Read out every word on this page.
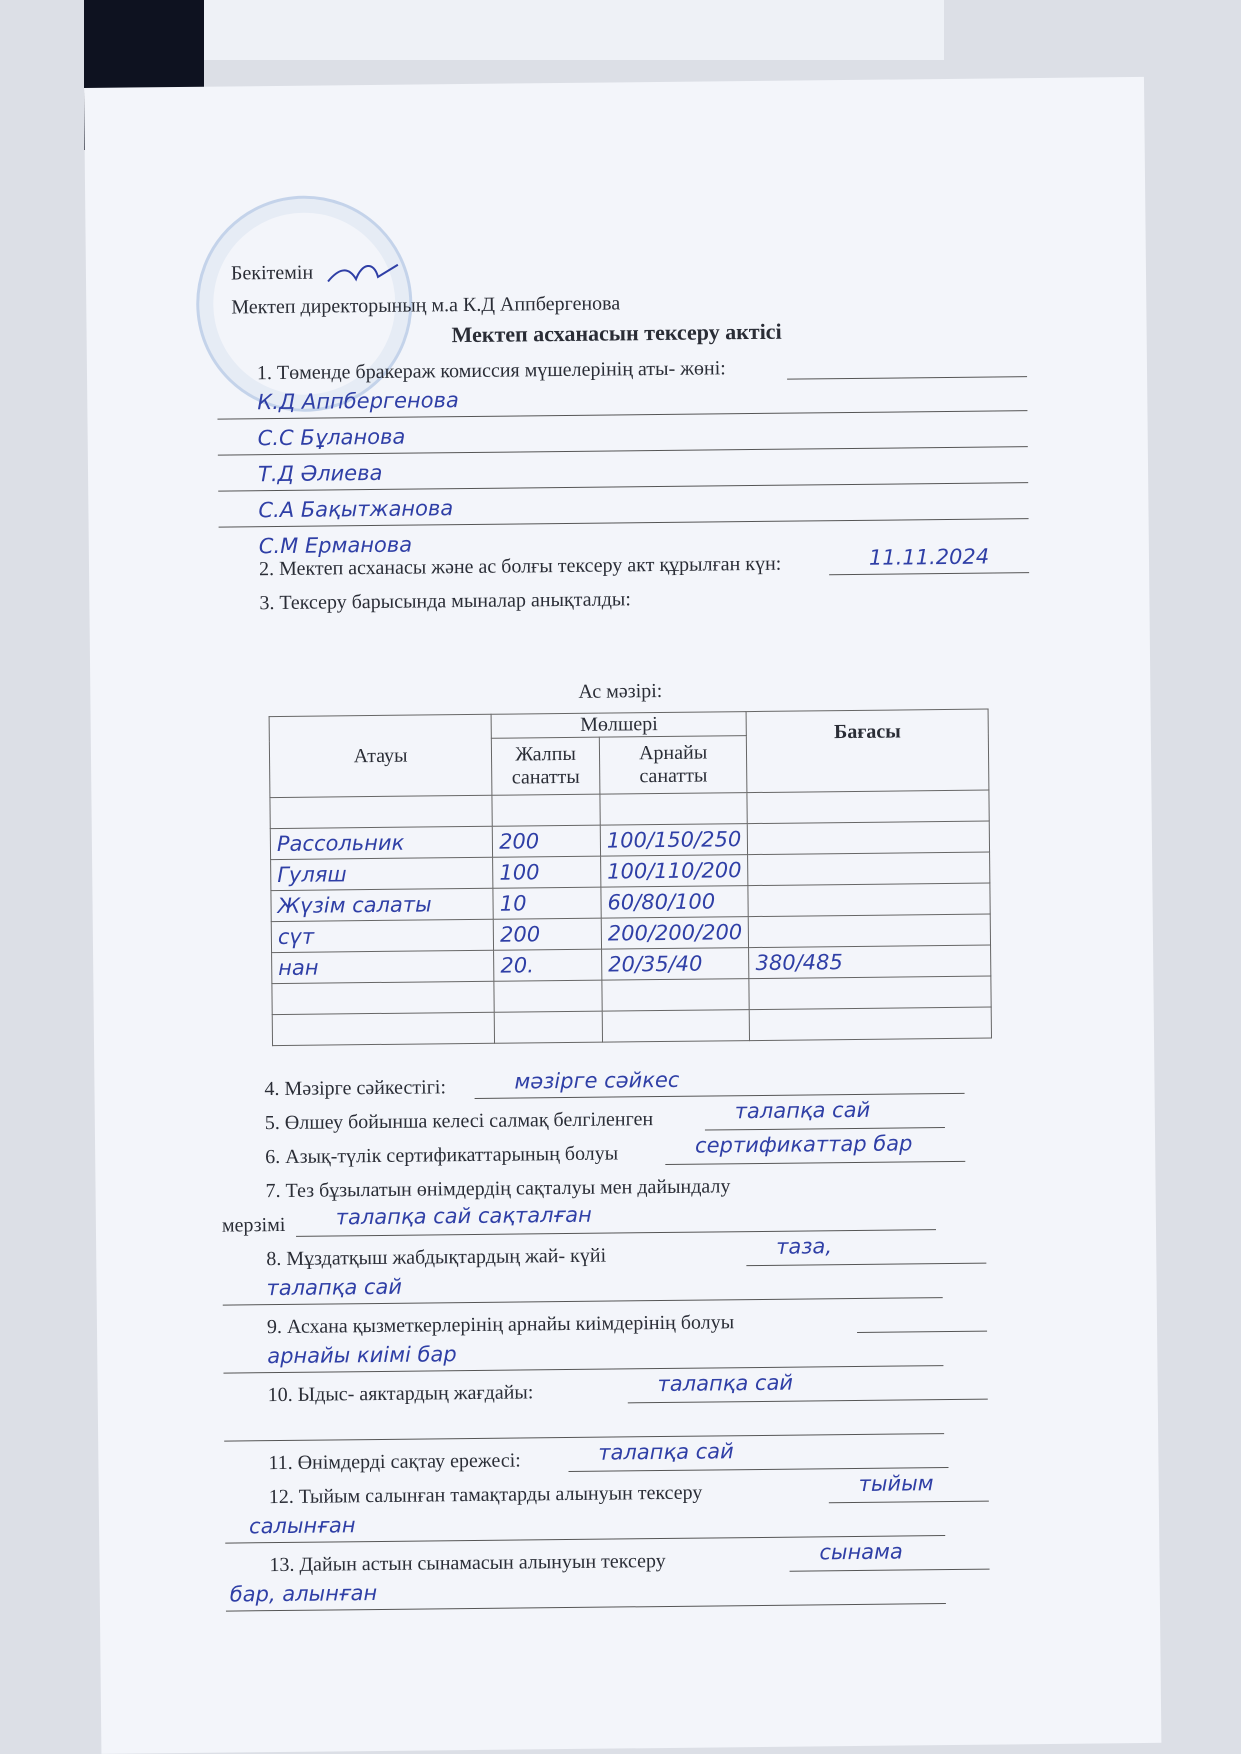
Бекітемін
Мектеп директорының м.а К.Д Аппбергенова
Мектеп асханасын тексеру актісі
1. Төменде бракераж комиссия мүшелерінің аты- жөні:
К.Д Аппбергенова
С.С Бұланова
Т.Д Әлиева
С.А Бақытжанова
С.М Ерманова
2. Мектеп асханасы және ас болғы тексеру акт құрылған күн:	11.11.2024
3. Тексеру барысында мыналар анықталды:
Ас мәзірі:
Атауы	Мөлшері		Бағасы
	Жалпы санатты	Арнайы санатты	

Рассольник	200	100/150/250	
Гуляш	100	100/110/200	
Жүзім салаты	10	60/80/100	
сүт	200	200/200/200	
нан	20.	20/35/40	380/485

4. Мәзірге сәйкестігі:	мәзірге сәйкес
5. Өлшеу бойынша келесі салмақ белгіленген	талапқа сай
6. Азық-түлік сертификаттарының болуы	сертификаттар бар
7. Тез бұзылатын өнімдердің сақталуы мен дайындалу
мерзімі талапқа сай сақталған
8. Мұздатқыш жабдықтардың жай- күйі	таза,
талапқа сай
9. Асхана қызметкерлерінің арнайы киімдерінің болуы
арнайы киімі бар
10. Ыдыс- аяктардың жағдайы:	талапқа сай
11. Өнімдерді сақтау ережесі:	талапқа сай
12. Тыйым салынған тамақтарды алынуын тексеру	тыйым
салынған
13. Дайын астын сынамасын алынуын тексеру	сынама
бар, алынған
